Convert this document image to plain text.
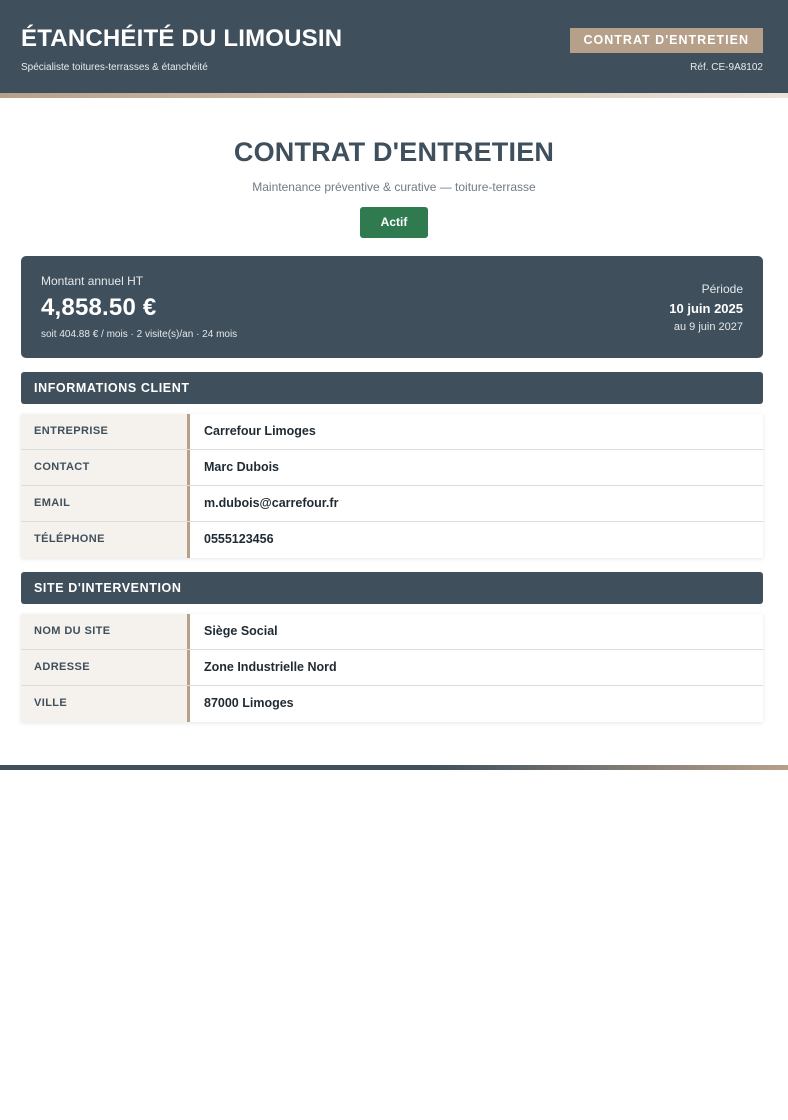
ÉTANCHÉITÉ DU LIMOUSIN
Spécialiste toitures-terrasses & étanchéité
CONTRAT D'ENTRETIEN
Réf. CE-9A8102
CONTRAT D'ENTRETIEN
Maintenance préventive & curative — toiture-terrasse
Actif
Montant annuel HT
4,858.50 €
soit 404.88 € / mois · 2 visite(s)/an · 24 mois
Période
10 juin 2025
au 9 juin 2027
INFORMATIONS CLIENT
ENTREPRISE	Carrefour Limoges
CONTACT	Marc Dubois
EMAIL	m.dubois@carrefour.fr
TÉLÉPHONE	0555123456
SITE D'INTERVENTION
NOM DU SITE	Siège Social
ADRESSE	Zone Industrielle Nord
VILLE	87000 Limoges
